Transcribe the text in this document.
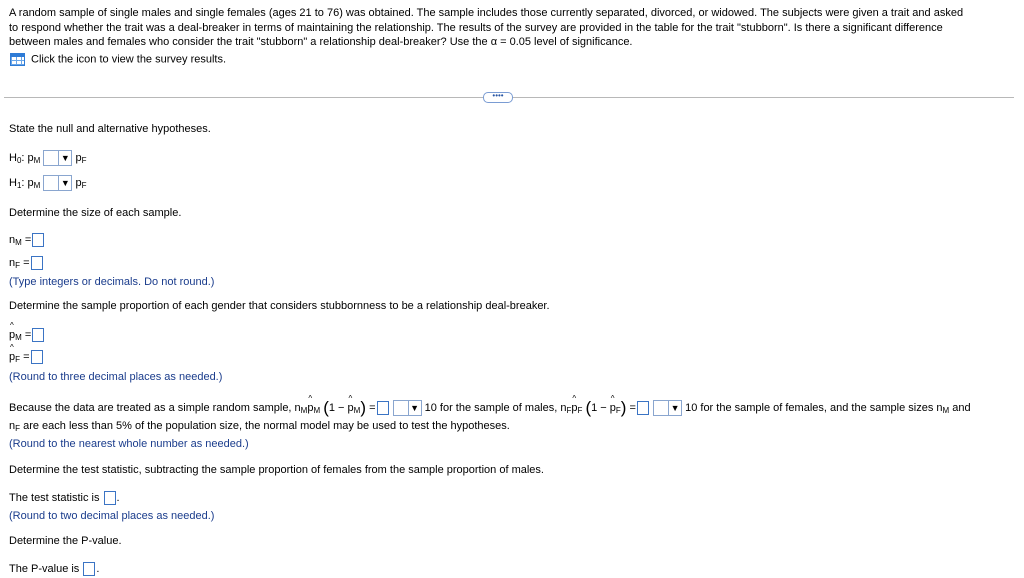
A random sample of single males and single females (ages 21 to 76) was obtained. The sample includes those currently separated, divorced, or widowed. The subjects were given a trait and asked
to respond whether the trait was a deal-breaker in terms of maintaining the relationship. The results of the survey are provided in the table for the trait "stubborn". Is there a significant difference
between males and females who consider the trait "stubborn" a relationship deal-breaker? Use the α = 0.05 level of significance.
Click the icon to view the survey results.
••••
State the null and alternative hypotheses.
$H_0$: $p_M$ ▼ $p_F$
$H_1$: $p_M$ ▼ $p_F$
Determine the size of each sample.
$n_M$ =
$n_F$ =
(Type integers or decimals. Do not round.)
Determine the sample proportion of each gender that considers stubbornness to be a relationship deal-breaker.
^ $p_M$ =
^ $p_F$ =
(Round to three decimal places as needed.)
Because the data are treated as a simple random sample, $n_M\^{}$ $p_M$ (1 − ^ $p_M$) =	▼ 10 for the sample of males, $n_F\^{}$ $p_F$ (1 − ^ $p_F$) =	▼ 10 for the sample of females, and the sample sizes $n_M$ and
$n_F$ are each less than 5% of the population size, the normal model may be used to test the hypotheses.
(Round to the nearest whole number as needed.)
Determine the test statistic, subtracting the sample proportion of females from the sample proportion of males.
The test statistic is .
(Round to two decimal places as needed.)
Determine the P-value.
The P-value is .
